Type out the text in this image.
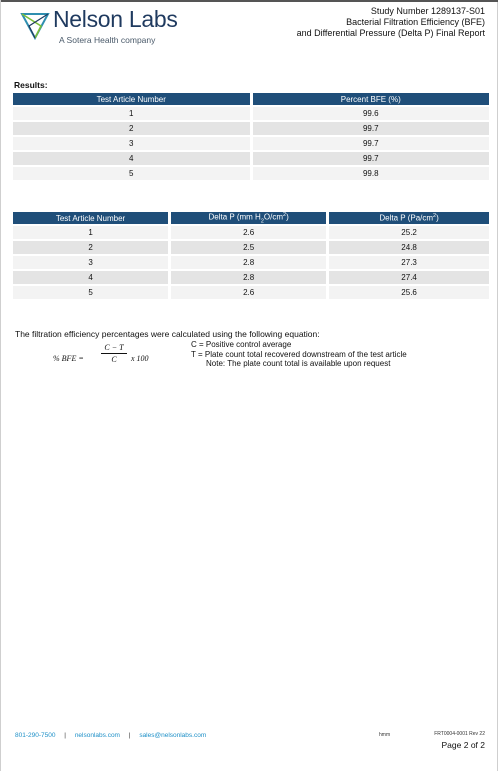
Nelson Labs
A Sotera Health company
Study Number 1289137-S01
Bacterial Filtration Efficiency (BFE)
and Differential Pressure (Delta P) Final Report
Results:
Test Article Number	Percent BFE (%)
1	99.6
2	99.7
3	99.7
4	99.7
5	99.8
Test Article Number	Delta P (mm $H_2O/cm^2$)	Delta P $(Pa/cm^2)$
1	2.6	25.2
2	2.5	24.8
3	2.8	27.3
4	2.8	27.4
5	2.6	25.6
The filtration efficiency percentages were calculated using the following equation:
% BFE = $\frac{C - T}{C}$ x 100
C = Positive control average
T = Plate count total recovered downstream of the test article
Note: The plate count total is available upon request
801-290-7500 | nelsonlabs.com | sales@nelsonlabs.com	hmm	FRT0004-0001 Rev 22
Page 2 of 2
